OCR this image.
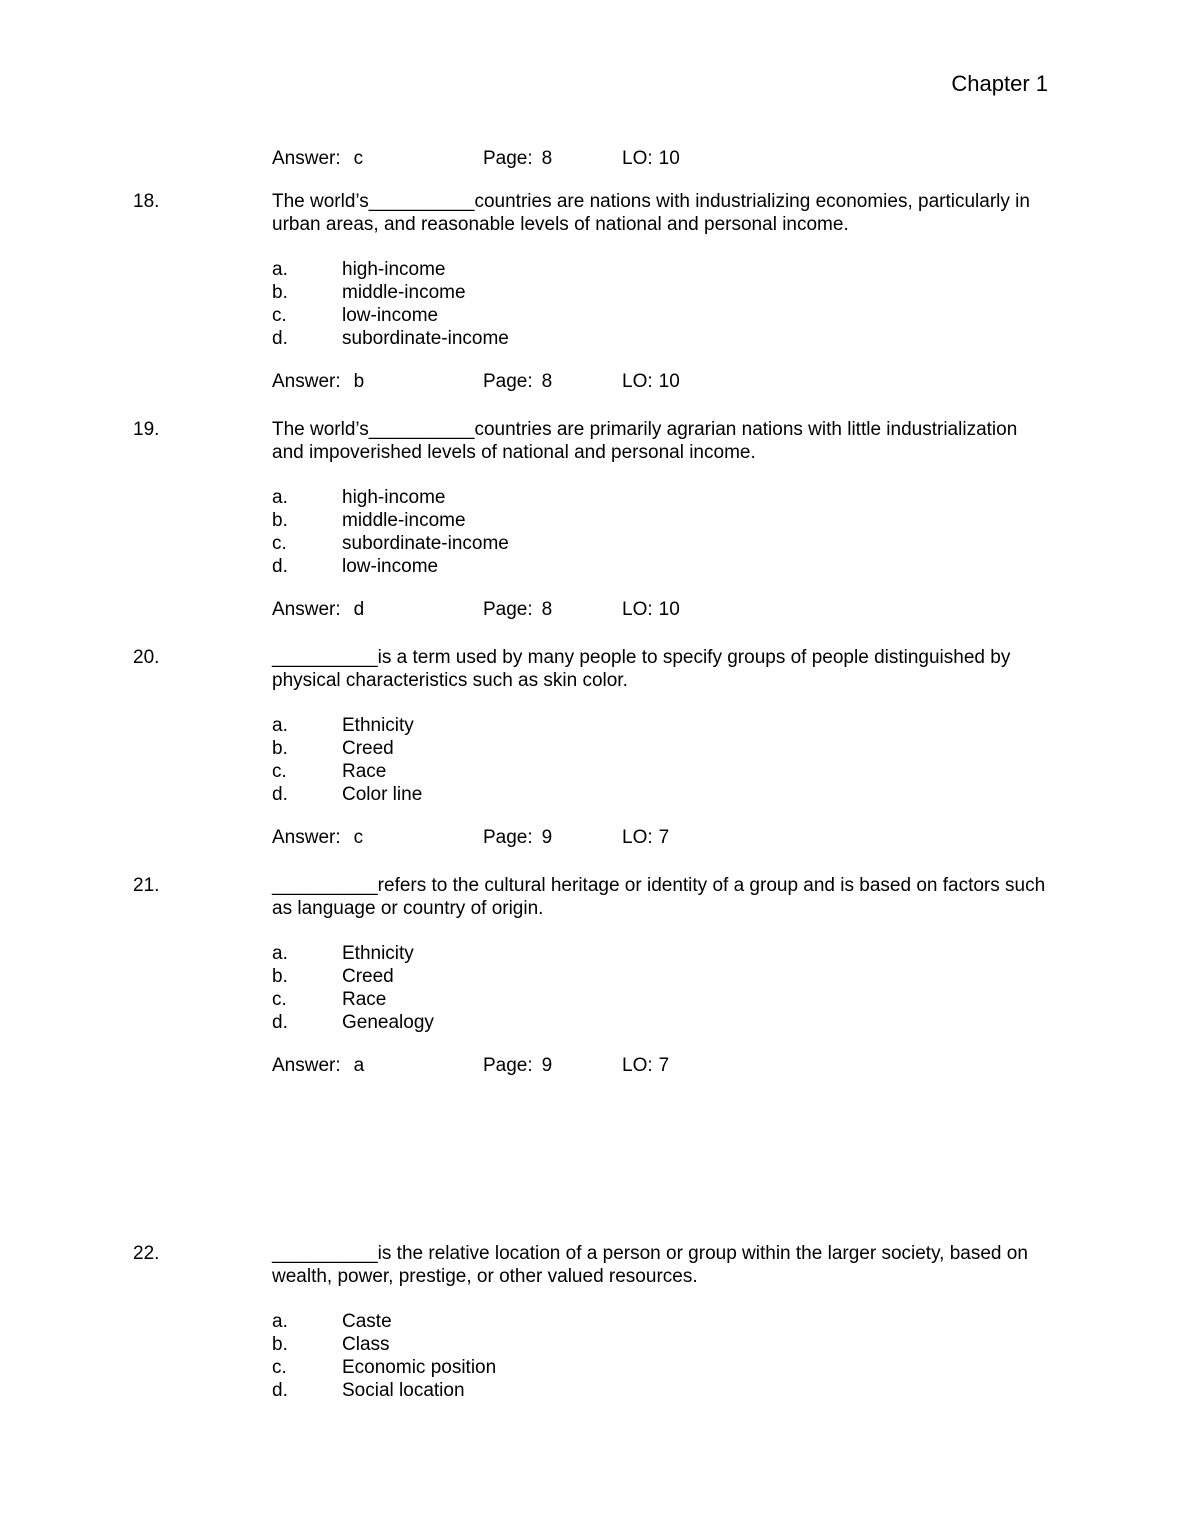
Chapter 1
Answer: c	Page: 8	LO: 10
18.	The world’s__________countries are nations with industrializing economies, particularly in urban areas, and reasonable levels of national and personal income.

a.	high-income
b.	middle-income
c.	low-income
d.	subordinate-income
Answer: b	Page: 8	LO: 10
19.	The world’s__________countries are primarily agrarian nations with little industrialization and impoverished levels of national and personal income.

a.	high-income
b.	middle-income
c.	subordinate-income
d.	low-income
Answer: d	Page: 8	LO: 10
20.	__________is a term used by many people to specify groups of people distinguished by physical characteristics such as skin color.

a.	Ethnicity
b.	Creed
c.	Race
d.	Color line
Answer: c	Page: 9	LO: 7
21.	__________refers to the cultural heritage or identity of a group and is based on factors such as language or country of origin.

a.	Ethnicity
b.	Creed
c.	Race
d.	Genealogy
Answer: a	Page: 9	LO: 7
22.	__________is the relative location of a person or group within the larger society, based on wealth, power, prestige, or other valued resources.

a.	Caste
b.	Class
c.	Economic position
d.	Social location
